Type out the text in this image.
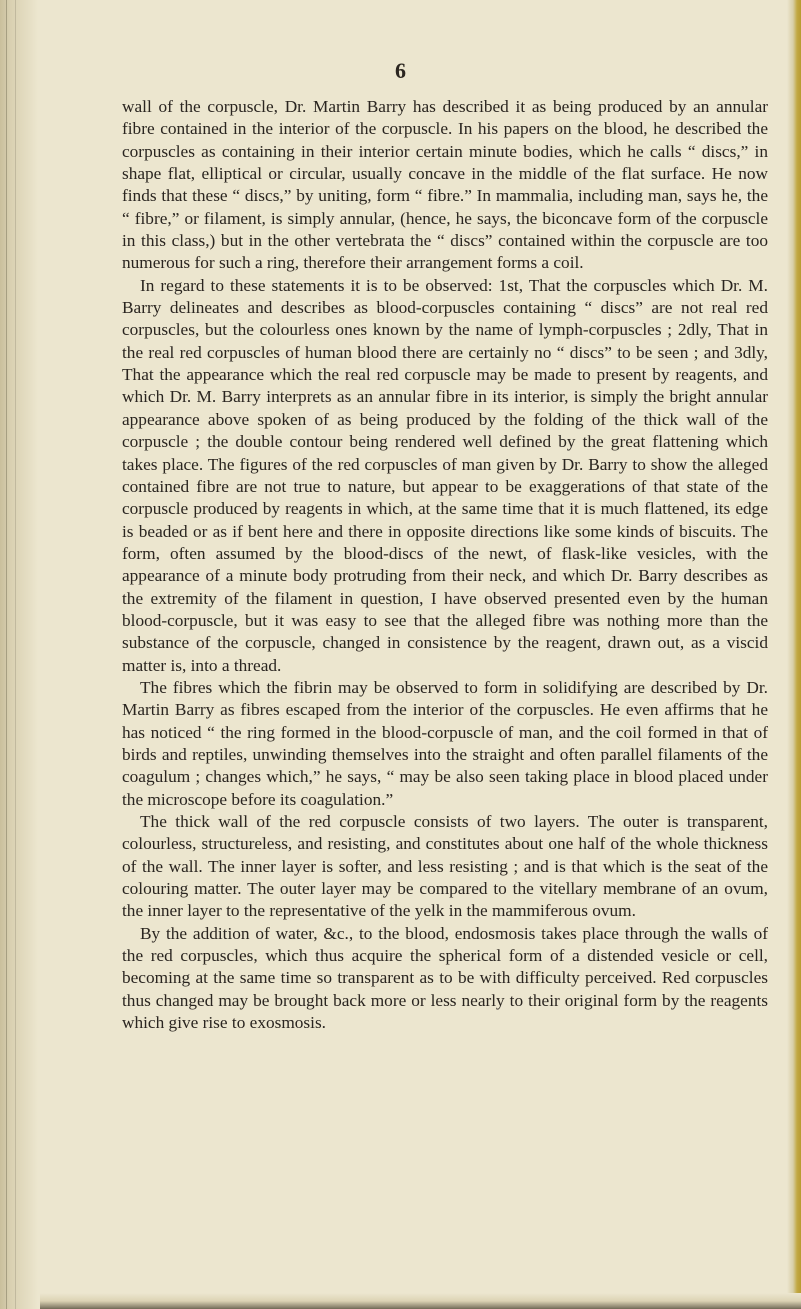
6

wall of the corpuscle, Dr. Martin Barry has described it as being produced by an annular fibre contained in the interior of the corpuscle. In his papers on the blood, he described the corpuscles as containing in their interior certain minute bodies, which he calls “ discs,” in shape flat, elliptical or circular, usually concave in the middle of the flat surface. He now finds that these “ discs,” by uniting, form “ fibre.” In mammalia, including man, says he, the “ fibre,” or filament, is simply annular, (hence, he says, the biconcave form of the corpuscle in this class,) but in the other vertebrata the “ discs” contained within the corpuscle are too numerous for such a ring, therefore their arrangement forms a coil.

In regard to these statements it is to be observed: 1st, That the corpuscles which Dr. M. Barry delineates and describes as blood-corpuscles containing “ discs” are not real red corpuscles, but the colourless ones known by the name of lymph-corpuscles ; 2dly, That in the real red corpuscles of human blood there are certainly no “ discs” to be seen ; and 3dly, That the appearance which the real red corpuscle may be made to present by reagents, and which Dr. M. Barry interprets as an annular fibre in its interior, is simply the bright annular appearance above spoken of as being produced by the folding of the thick wall of the corpuscle ; the double contour being rendered well defined by the great flattening which takes place. The figures of the red corpuscles of man given by Dr. Barry to show the alleged contained fibre are not true to nature, but appear to be exaggerations of that state of the corpuscle produced by reagents in which, at the same time that it is much flattened, its edge is beaded or as if bent here and there in opposite directions like some kinds of biscuits. The form, often assumed by the blood-discs of the newt, of flask-like vesicles, with the appearance of a minute body protruding from their neck, and which Dr. Barry describes as the extremity of the filament in question, I have observed presented even by the human blood-corpuscle, but it was easy to see that the alleged fibre was nothing more than the substance of the corpuscle, changed in consistence by the reagent, drawn out, as a viscid matter is, into a thread.

The fibres which the fibrin may be observed to form in solidifying are described by Dr. Martin Barry as fibres escaped from the interior of the corpuscles. He even affirms that he has noticed “ the ring formed in the blood-corpuscle of man, and the coil formed in that of birds and reptiles, unwinding themselves into the straight and often parallel filaments of the coagulum ; changes which,” he says, “ may be also seen taking place in blood placed under the microscope before its coagulation.”

The thick wall of the red corpuscle consists of two layers. The outer is transparent, colourless, structureless, and resisting, and constitutes about one half of the whole thickness of the wall. The inner layer is softer, and less resisting ; and is that which is the seat of the colouring matter. The outer layer may be compared to the vitellary membrane of an ovum, the inner layer to the representative of the yelk in the mammiferous ovum.

By the addition of water, &c., to the blood, endosmosis takes place through the walls of the red corpuscles, which thus acquire the spherical form of a distended vesicle or cell, becoming at the same time so transparent as to be with difficulty perceived. Red corpuscles thus changed may be brought back more or less nearly to their original form by the reagents which give rise to exosmosis.
